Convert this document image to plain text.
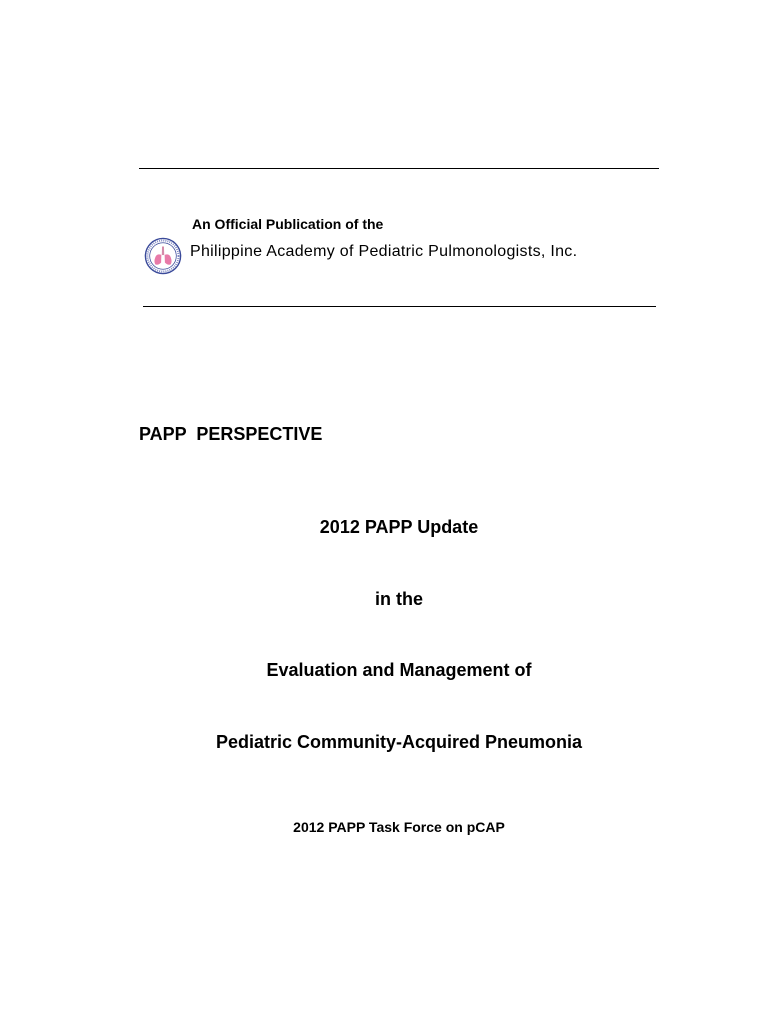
An Official Publication of the
Philippine Academy of Pediatric Pulmonologists, Inc.
PAPP  PERSPECTIVE
2012 PAPP Update
in the
Evaluation and Management of
Pediatric Community-Acquired Pneumonia
2012 PAPP Task Force on pCAP
